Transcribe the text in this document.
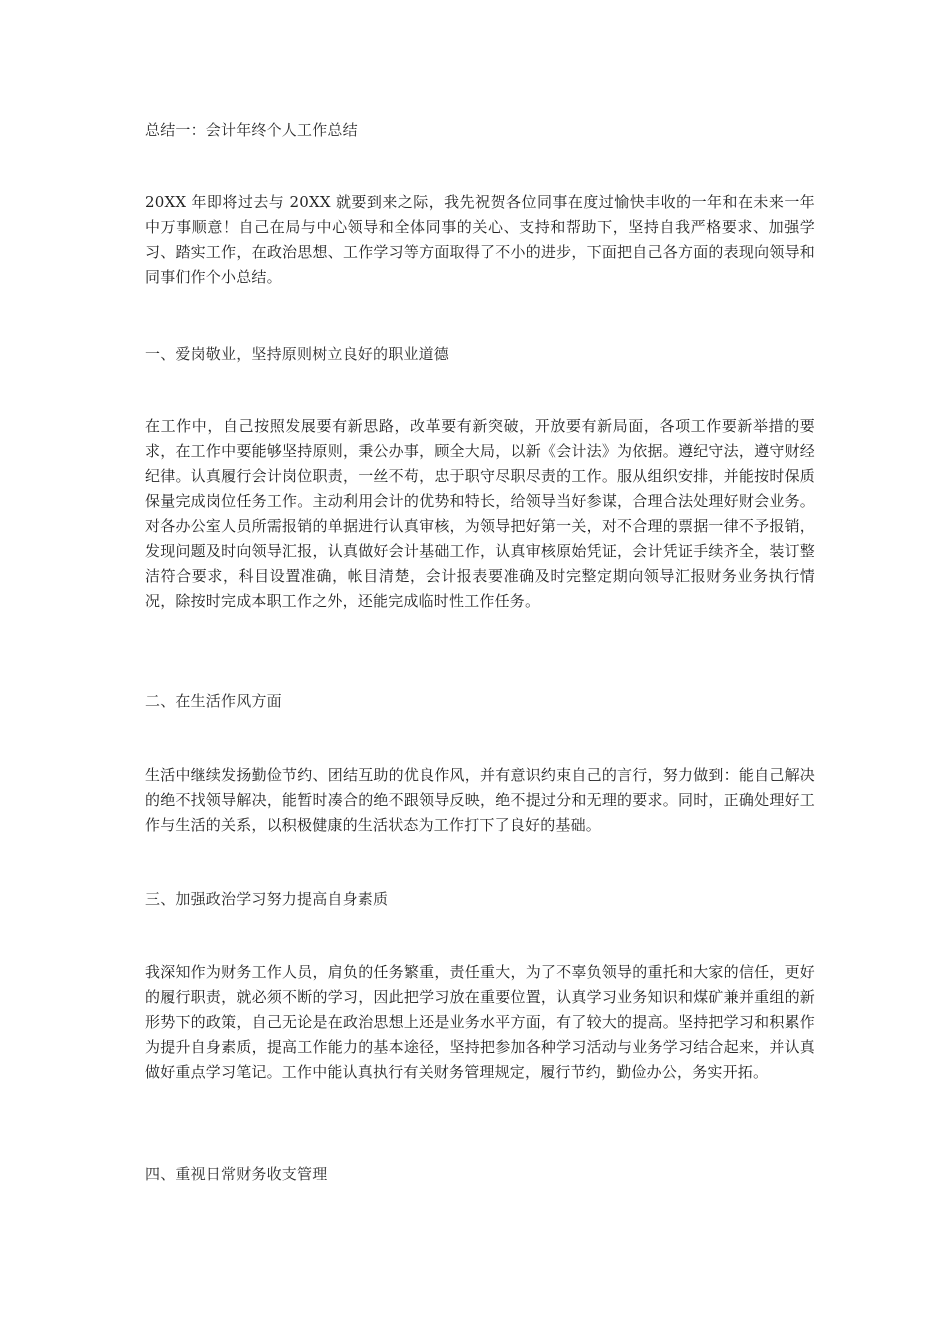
总结一：会计年终个人工作总结
20XX 年即将过去与 20XX 就要到来之际，我先祝贺各位同事在度过愉快丰收的一年和在未来一年中万事顺意！自己在局与中心领导和全体同事的关心、支持和帮助下，坚持自我严格要求、加强学习、踏实工作，在政治思想、工作学习等方面取得了不小的进步，下面把自己各方面的表现向领导和同事们作个小总结。
一、爱岗敬业，坚持原则树立良好的职业道德
在工作中，自己按照发展要有新思路，改革要有新突破，开放要有新局面，各项工作要新举措的要求，在工作中要能够坚持原则，秉公办事，顾全大局，以新《会计法》为依据。遵纪守法，遵守财经纪律。认真履行会计岗位职责，一丝不苟，忠于职守尽职尽责的工作。服从组织安排，并能按时保质保量完成岗位任务工作。主动利用会计的优势和特长，给领导当好参谋，合理合法处理好财会业务。对各办公室人员所需报销的单据进行认真审核，为领导把好第一关，对不合理的票据一律不予报销，发现问题及时向领导汇报，认真做好会计基础工作，认真审核原始凭证，会计凭证手续齐全，装订整洁符合要求，科目设置准确，帐目清楚，会计报表要准确及时完整定期向领导汇报财务业务执行情况，除按时完成本职工作之外，还能完成临时性工作任务。
二、在生活作风方面
生活中继续发扬勤俭节约、团结互助的优良作风，并有意识约束自己的言行，努力做到：能自己解决的绝不找领导解决，能暂时凑合的绝不跟领导反映，绝不提过分和无理的要求。同时，正确处理好工作与生活的关系，以积极健康的生活状态为工作打下了良好的基础。
三、加强政治学习努力提高自身素质
我深知作为财务工作人员，肩负的任务繁重，责任重大，为了不辜负领导的重托和大家的信任，更好的履行职责，就必须不断的学习，因此把学习放在重要位置，认真学习业务知识和煤矿兼并重组的新形势下的政策，自己无论是在政治思想上还是业务水平方面，有了较大的提高。坚持把学习和积累作为提升自身素质，提高工作能力的基本途径，坚持把参加各种学习活动与业务学习结合起来，并认真做好重点学习笔记。工作中能认真执行有关财务管理规定，履行节约，勤俭办公，务实开拓。
四、重视日常财务收支管理
